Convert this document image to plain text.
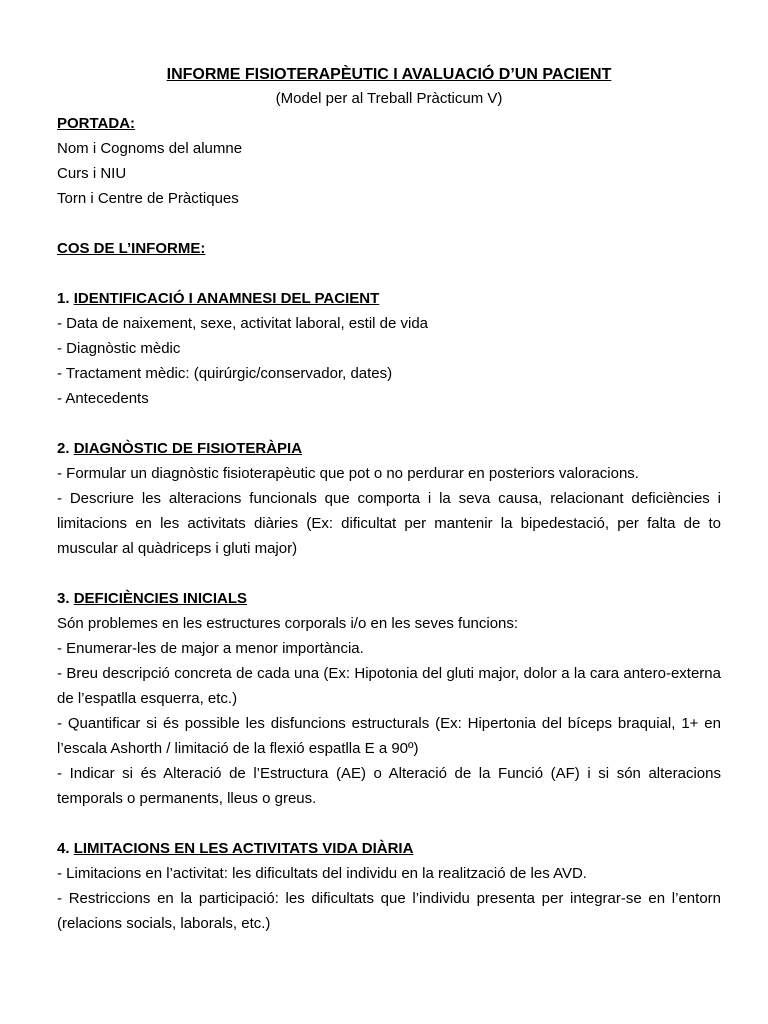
INFORME FISIOTERAPÈUTIC I AVALUACIÓ D’UN PACIENT

(Model per al Treball Pràcticum V)

PORTADA:

Nom i Cognoms del alumne

Curs i NIU

Torn i Centre de Pràctiques

COS DE L’INFORME:

1. IDENTIFICACIÓ I ANAMNESI DEL PACIENT

- Data de naixement, sexe, activitat laboral, estil de vida

- Diagnòstic mèdic

- Tractament mèdic: (quirúrgic/conservador, dates)

- Antecedents

2. DIAGNÒSTIC DE FISIOTERÀPIA

- Formular un diagnòstic fisioterapèutic que pot o no perdurar en posteriors valoracions.

- Descriure les alteracions funcionals que comporta i la seva causa, relacionant deficiències i limitacions en les activitats diàries (Ex: dificultat per mantenir la bipedestació, per falta de to muscular al quàdriceps i gluti major)

3. DEFICIÈNCIES INICIALS

Són problemes en les estructures corporals i/o en les seves funcions:

- Enumerar-les de major a menor importància.

- Breu descripció concreta de cada una (Ex: Hipotonia del gluti major, dolor a la cara antero-externa de l’espatlla esquerra, etc.)

- Quantificar si és possible les disfuncions estructurals (Ex: Hipertonia del bíceps braquial, 1+ en l’escala Ashorth / limitació de la flexió espatlla E a 90º)

- Indicar si és Alteració de l’Estructura (AE) o Alteració de la Funció (AF) i si són alteracions temporals o permanents, lleus o greus.

4. LIMITACIONS EN LES ACTIVITATS VIDA DIÀRIA

- Limitacions en l’activitat: les dificultats del individu en la realització de les AVD.

- Restriccions en la participació: les dificultats que l’individu presenta per integrar-se en l’entorn (relacions socials, laborals, etc.)
